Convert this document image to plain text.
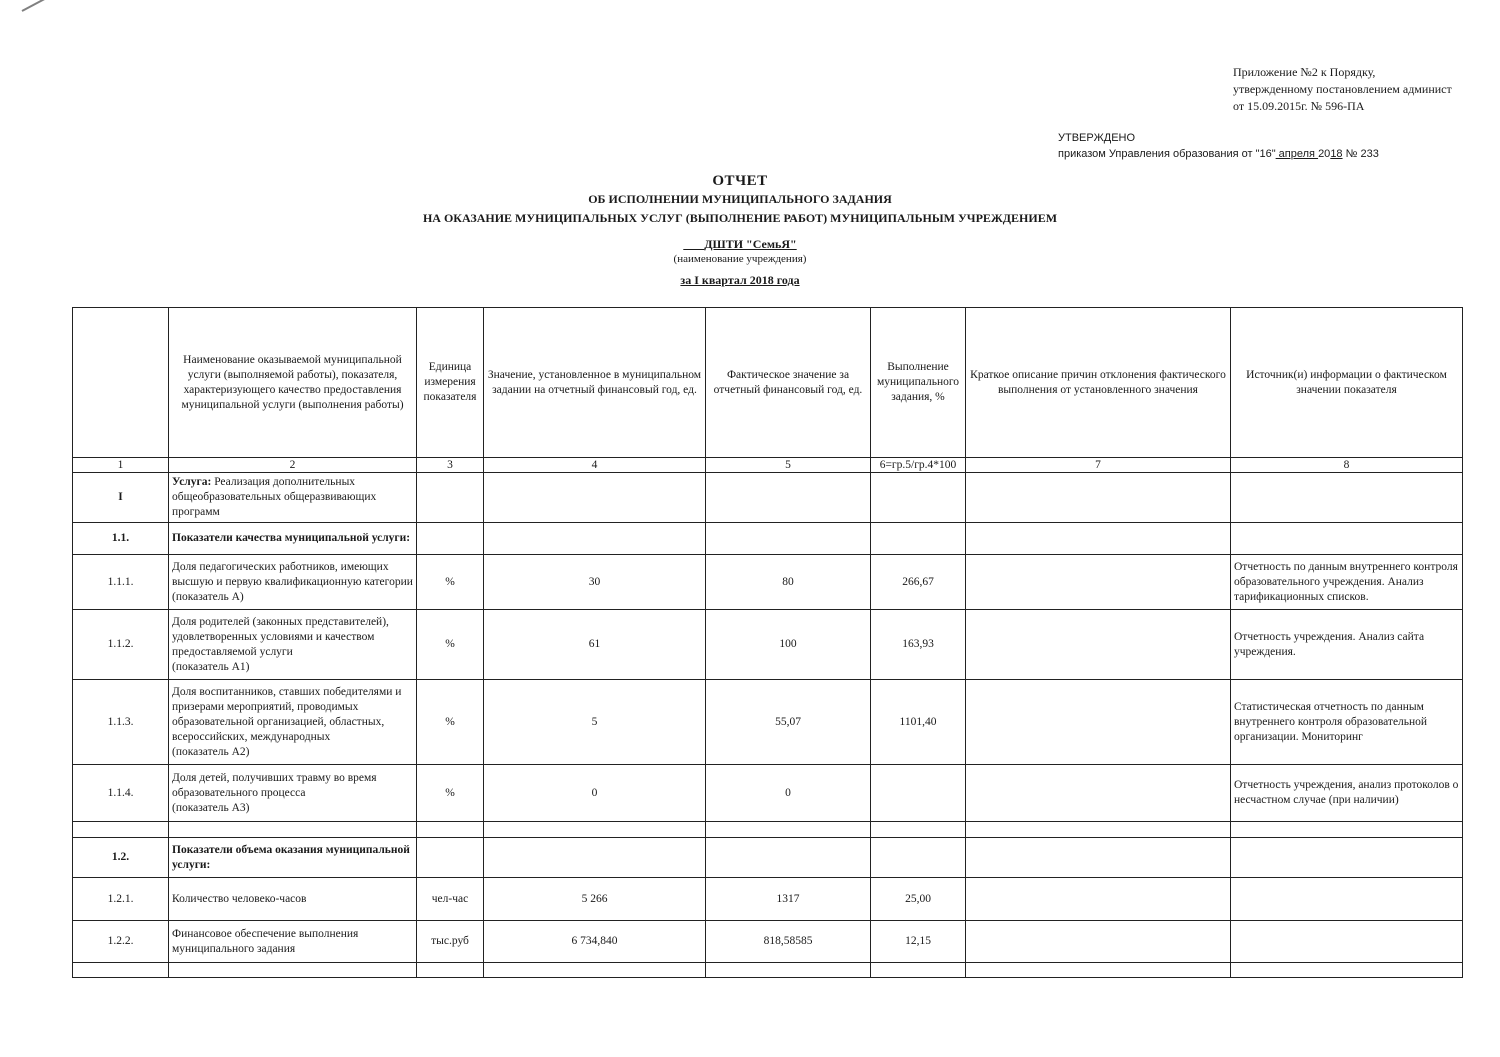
Приложение №2 к Порядку,
утвержденному постановлением админист
от 15.09.2015г. № 596-ПА
УТВЕРЖДЕНО
приказом Управления образования от "16" апреля 2018 № 233
ОТЧЕТ
ОБ ИСПОЛНЕНИИ МУНИЦИПАЛЬНОГО ЗАДАНИЯ
НА ОКАЗАНИЕ МУНИЦИПАЛЬНЫХ УСЛУГ (ВЫПОЛНЕНИЕ РАБОТ) МУНИЦИПАЛЬНЫМ УЧРЕЖДЕНИЕМ
ДШТИ "СемьЯ"
(наименование учреждения)
за I квартал 2018 года
	Наименование оказываемой муниципальной услуги (выполняемой работы), показателя, характеризующего качество предоставления муниципальной услуги (выполнения работы)	Единица измерения показателя	Значение, установленное в муниципальном задании на отчетный финансовый год, ед.	Фактическое значение за отчетный финансовый год, ед.	Выполнение муниципального задания, %	Краткое описание причин отклонения фактического выполнения от установленного значения	Источник(и) информации о фактическом значении показателя
1	2	3	4	5	6=гр.5/гр.4*100	7	8
I	Услуга: Реализация дополнительных общеобразовательных общеразвивающих программ						
1.1.	Показатели качества муниципальной услуги:						
1.1.1.	Доля педагогических работников, имеющих высшую и первую квалификационную категории (показатель А)	%	30	80	266,67		Отчетность по данным внутреннего контроля образовательного учреждения. Анализ тарификационных списков.
1.1.2.	Доля родителей (законных представителей), удовлетворенных условиями и качеством предоставляемой услуги
(показатель А1)	%	61	100	163,93		Отчетность учреждения. Анализ сайта учреждения.
1.1.3.	Доля воспитанников, ставших победителями и призерами мероприятий, проводимых образовательной организацией, областных, всероссийских, международных
(показатель А2)	%	5	55,07	1101,40		Статистическая отчетность по данным внутреннего контроля образовательной организации. Мониторинг
1.1.4.	Доля детей, получивших травму во время образовательного процесса
(показатель А3)	%	0	0			Отчетность учреждения, анализ протоколов о несчастном случае (при наличии)

1.2.	Показатели объема оказания муниципальной услуги:						
1.2.1.	Количество человеко-часов	чел-час	5 266	1317	25,00		
1.2.2.	Финансовое обеспечение выполнения муниципального задания	тыс.руб	6 734,840	818,58585	12,15		
